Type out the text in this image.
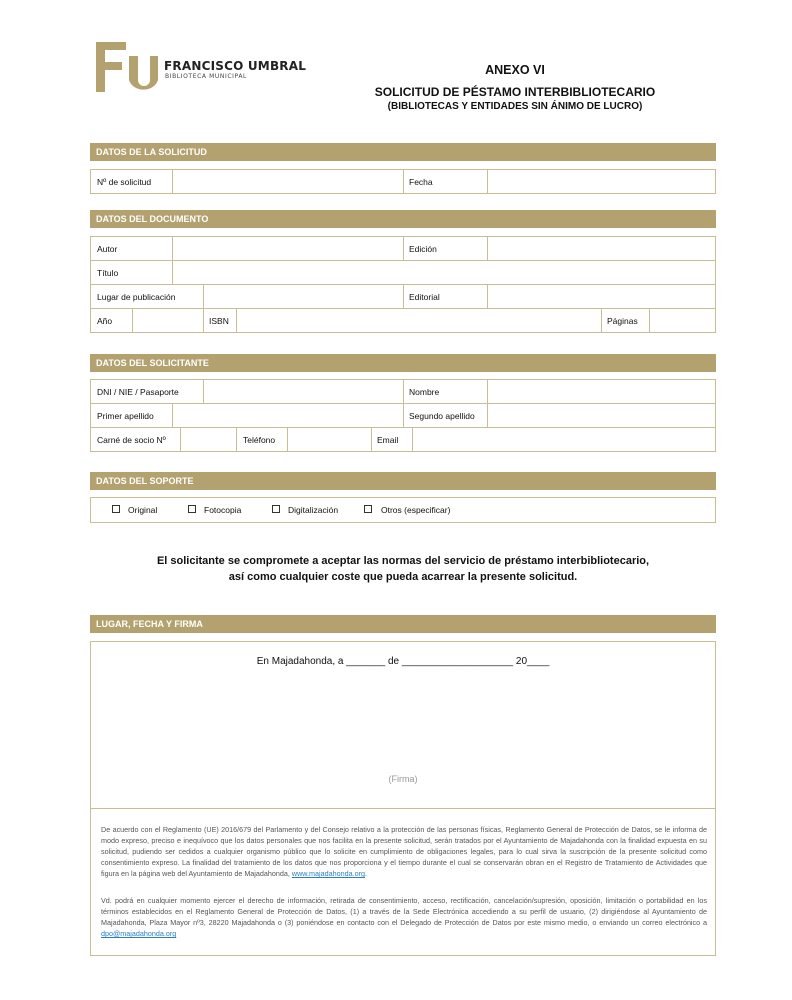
FRANCISCO UMBRAL
BIBLIOTECA MUNICIPAL	ANEXO VI
SOLICITUD DE PÉSTAMO INTERBIBLIOTECARIO
(BIBLIOTECAS Y ENTIDADES SIN ÁNIMO DE LUCRO)
DATOS DE LA SOLICITUD
Nº de solicitud	Fecha
DATOS DEL DOCUMENTO
Autor	Edición
Título
Lugar de publicación	Editorial
Año	ISBN	Páginas
DATOS DEL SOLICITANTE
DNI / NIE / Pasaporte	Nombre
Primer apellido	Segundo apellido
Carné de socio Nº	Teléfono	Email
DATOS DEL SOPORTE
Original	Fotocopia	Digitalización	Otros (especificar)
El solicitante se compromete a aceptar las normas del servicio de préstamo interbibliotecario,
así como cualquier coste que pueda acarrear la presente solicitud.
LUGAR, FECHA Y FIRMA
En Majadahonda, a _______ de ____________________ 20____
(Firma)
De acuerdo con el Reglamento (UE) 2016/679 del Parlamento y del Consejo relativo a la protección de las personas físicas, Reglamento General de Protección de Datos, se le informa de modo expreso, preciso e inequívoco que los datos personales que nos facilita en la presente solicitud, serán tratados por el Ayuntamiento de Majadahonda con la finalidad expuesta en su solicitud, pudiendo ser cedidos a cualquier organismo público que lo solicite en cumplimiento de obligaciones legales, para lo cual sirva la suscripción de la presente solicitud como consentimiento expreso. La finalidad del tratamiento de los datos que nos proporciona y el tiempo durante el cual se conservarán obran en el Registro de Tratamiento de Actividades que figura en la página web del Ayuntamiento de Majadahonda, www.majadahonda.org.
Vd. podrá en cualquier momento ejercer el derecho de información, retirada de consentimiento, acceso, rectificación, cancelación/supresión, oposición, limitación o portabilidad en los términos establecidos en el Reglamento General de Protección de Datos, (1) a través de la Sede Electrónica accediendo a su perfil de usuario, (2) dirigiéndose al Ayuntamiento de Majadahonda, Plaza Mayor nº3, 28220 Majadahonda o (3) poniéndose en contacto con el Delegado de Protección de Datos por este mismo medio, o enviando un correo electrónico a dpo@majadahonda.org
